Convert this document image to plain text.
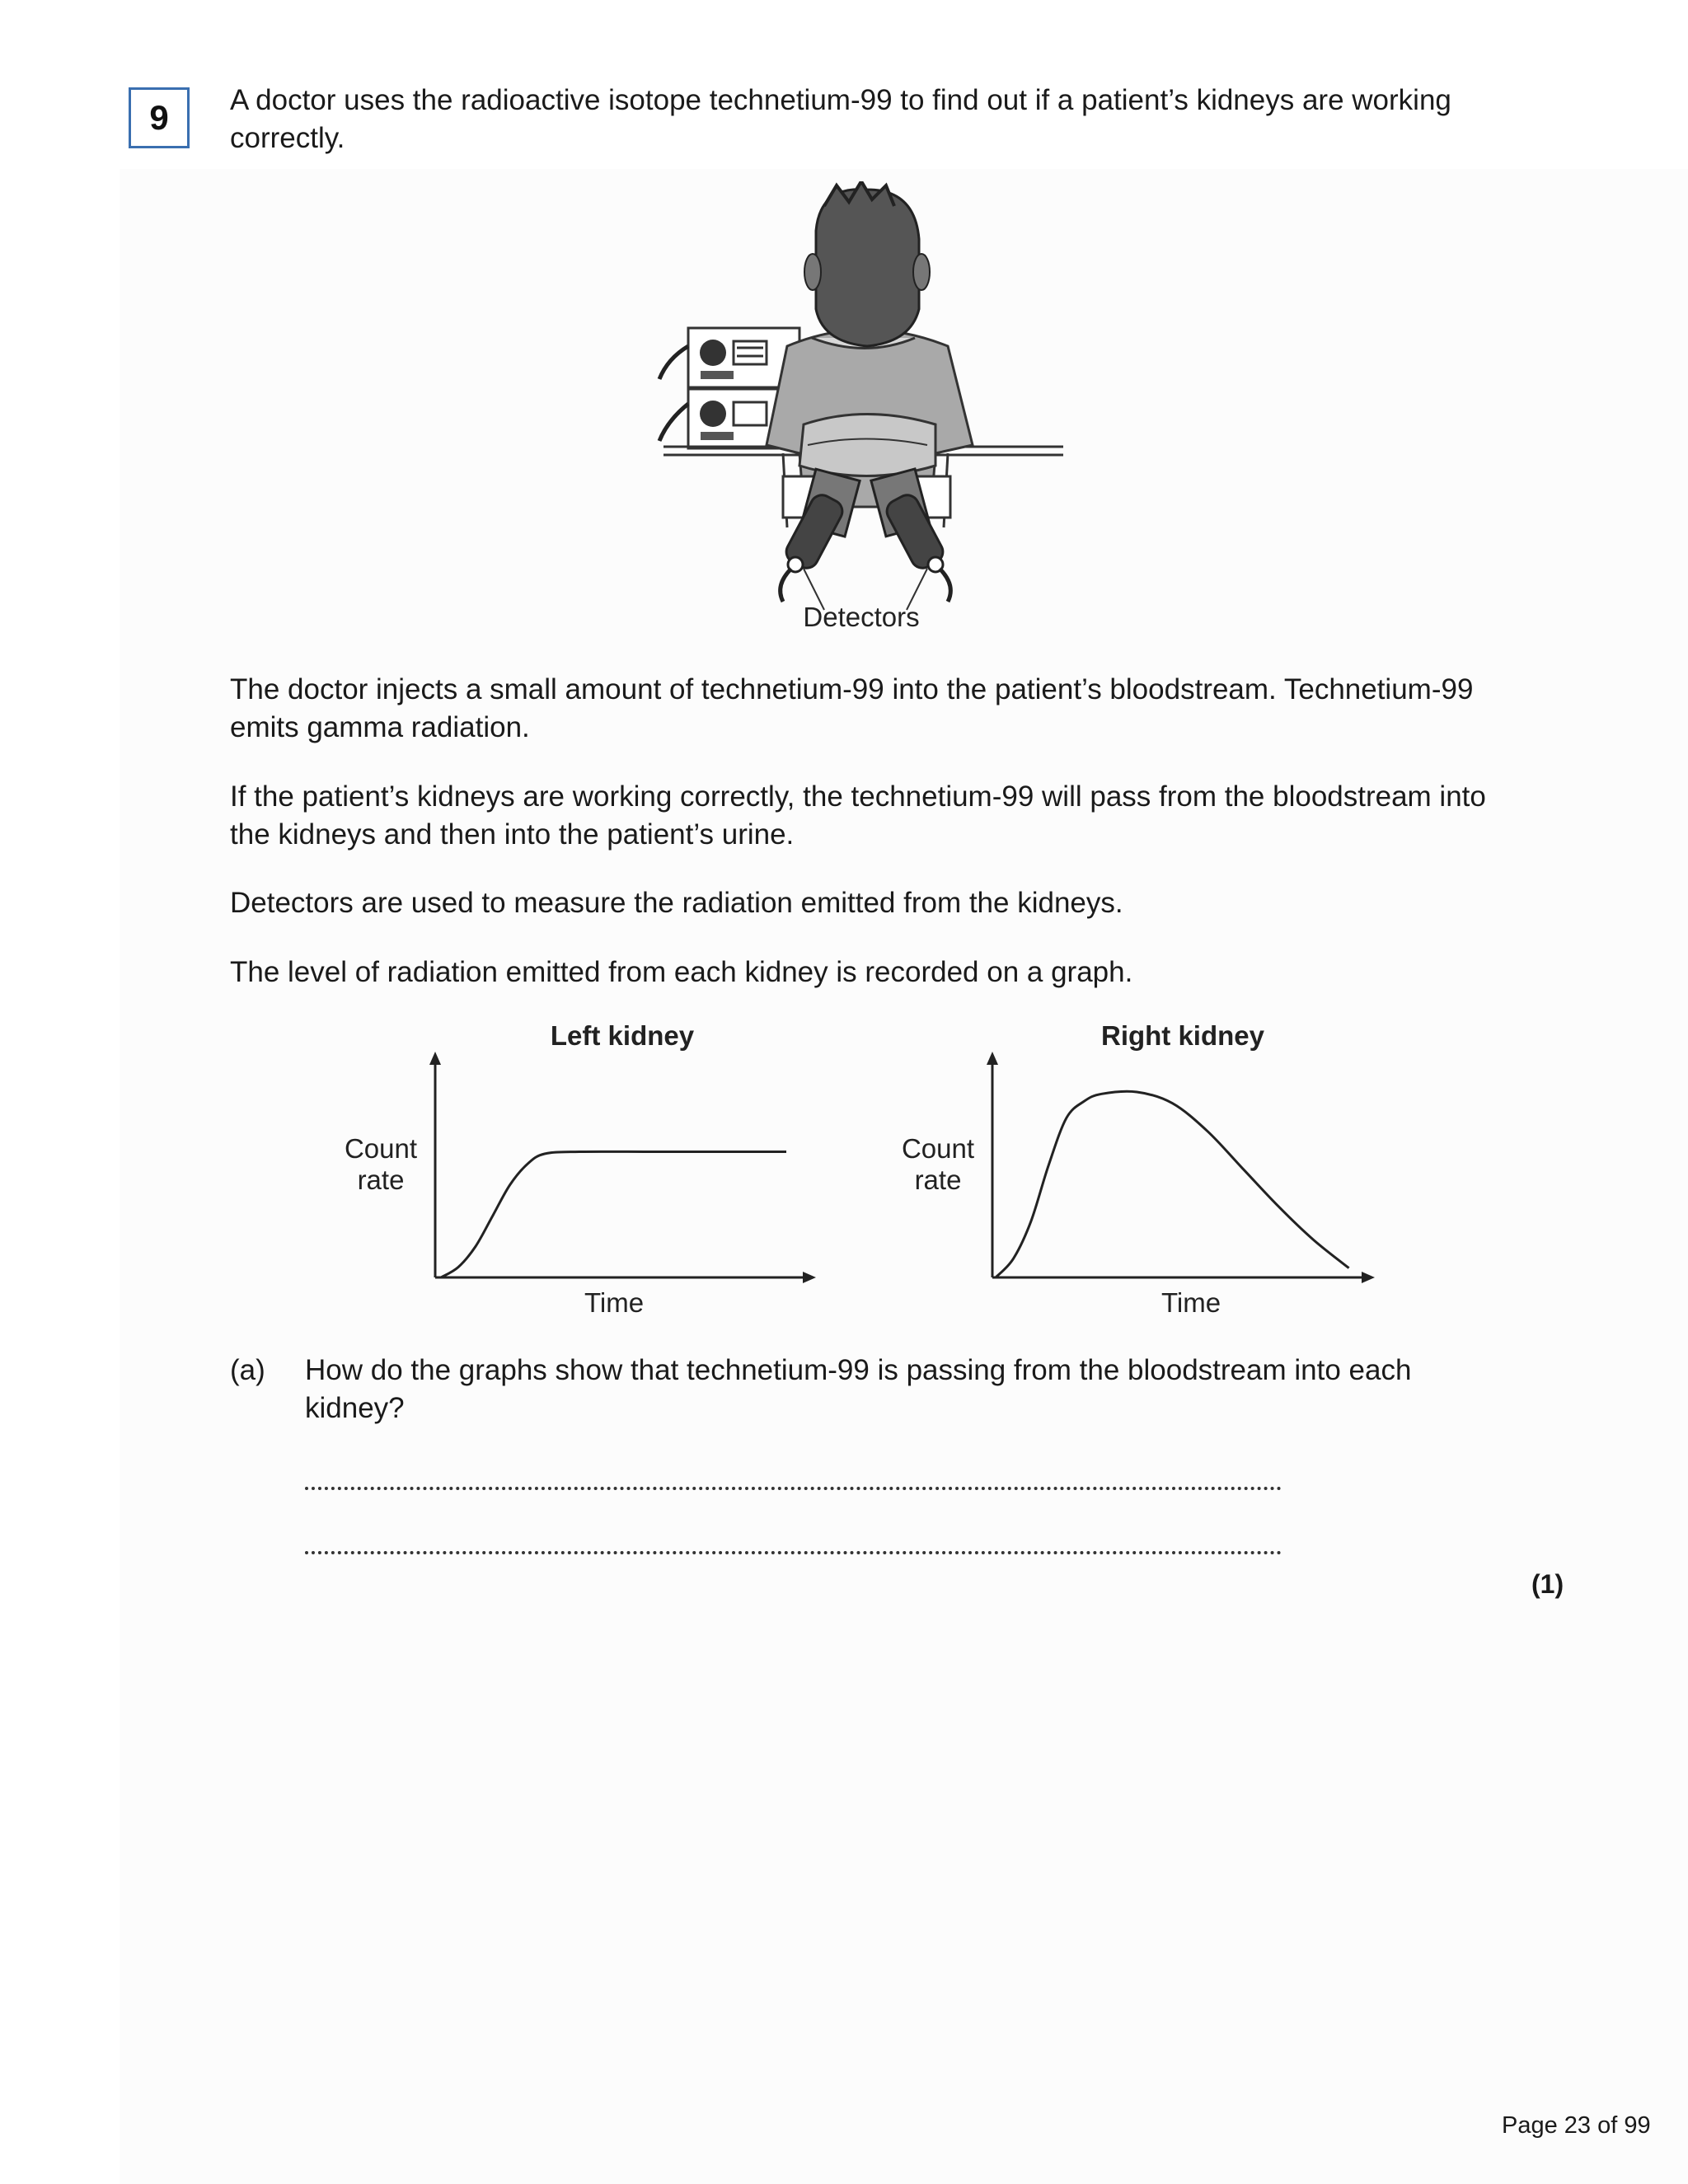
9	A doctor uses the radioactive isotope technetium-99 to find out if a patient’s kidneys are working correctly.

Detectors

The doctor injects a small amount of technetium-99 into the patient’s bloodstream. Technetium-99 emits gamma radiation.

If the patient’s kidneys are working correctly, the technetium-99 will pass from the bloodstream into the kidneys and then into the patient’s urine.

Detectors are used to measure the radiation emitted from the kidneys.

The level of radiation emitted from each kidney is recorded on a graph.

Left kidney
Count
rate
Time
Right kidney
Count
rate
Time
(a) How do the graphs show that technetium-99 is passing from the bloodstream into each kidney?
(1)
Page 23 of 99
